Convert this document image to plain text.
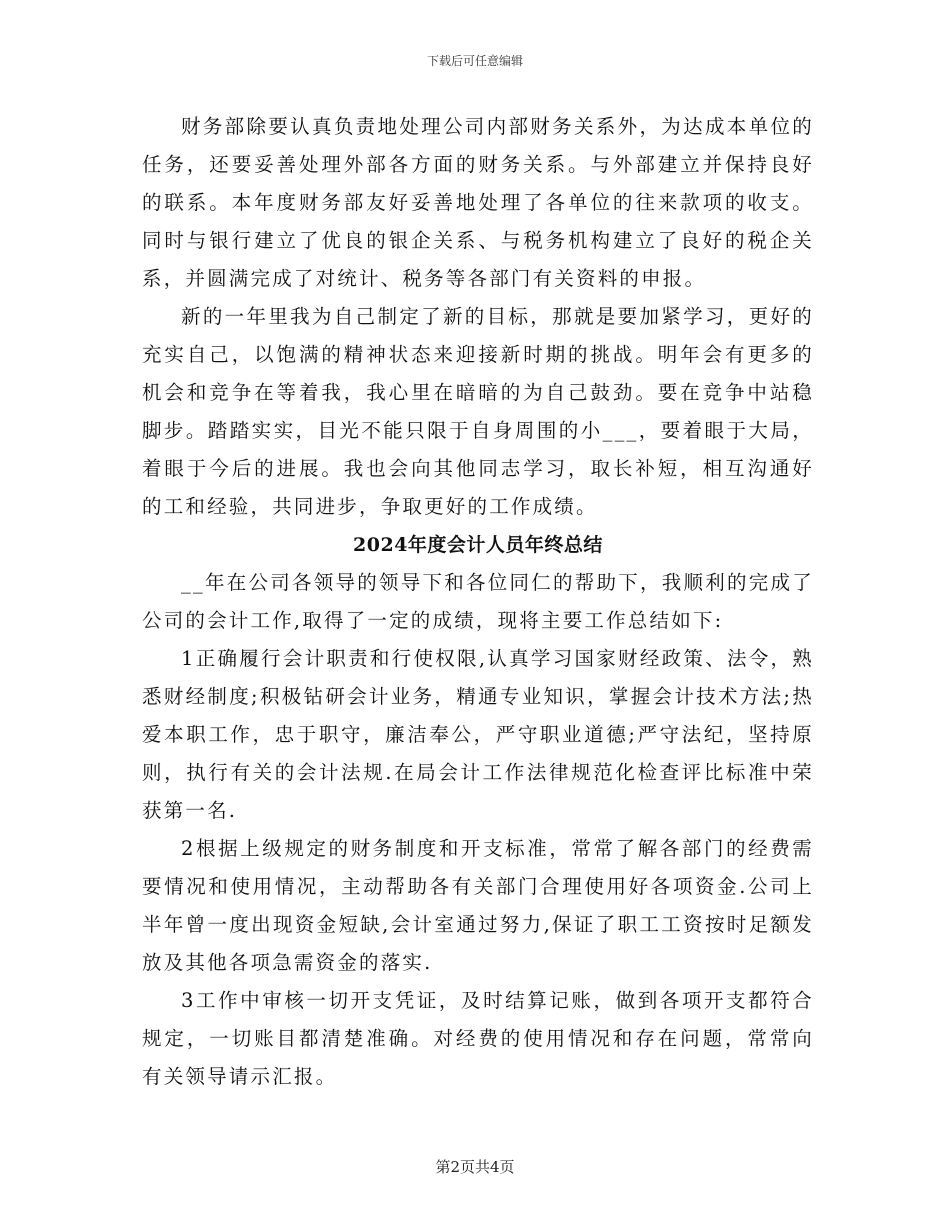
下载后可任意编辑

财务部除要认真负责地处理公司内部财务关系外，为达成本单位的任务，还要妥善处理外部各方面的财务关系。与外部建立并保持良好的联系。本年度财务部友好妥善地处理了各单位的往来款项的收支。同时与银行建立了优良的银企关系、与税务机构建立了良好的税企关系，并圆满完成了对统计、税务等各部门有关资料的申报。

新的一年里我为自己制定了新的目标，那就是要加紧学习，更好的充实自己，以饱满的精神状态来迎接新时期的挑战。明年会有更多的机会和竞争在等着我，我心里在暗暗的为自己鼓劲。要在竞争中站稳脚步。踏踏实实，目光不能只限于自身周围的小___，要着眼于大局，着眼于今后的进展。我也会向其他同志学习，取长补短，相互沟通好的工和经验，共同进步，争取更好的工作成绩。

2024年度会计人员年终总结

__年在公司各领导的领导下和各位同仁的帮助下，我顺利的完成了公司的会计工作,取得了一定的成绩，现将主要工作总结如下:

1正确履行会计职责和行使权限,认真学习国家财经政策、法令，熟悉财经制度;积极钻研会计业务，精通专业知识，掌握会计技术方法;热爱本职工作，忠于职守，廉洁奉公，严守职业道德;严守法纪，坚持原则，执行有关的会计法规.在局会计工作法律规范化检查评比标准中荣获第一名.

2根据上级规定的财务制度和开支标准，常常了解各部门的经费需要情况和使用情况，主动帮助各有关部门合理使用好各项资金.公司上半年曾一度出现资金短缺,会计室通过努力,保证了职工工资按时足额发放及其他各项急需资金的落实.

3工作中审核一切开支凭证，及时结算记账，做到各项开支都符合规定，一切账目都清楚准确。对经费的使用情况和存在问题，常常向有关领导请示汇报。

第2页共4页
